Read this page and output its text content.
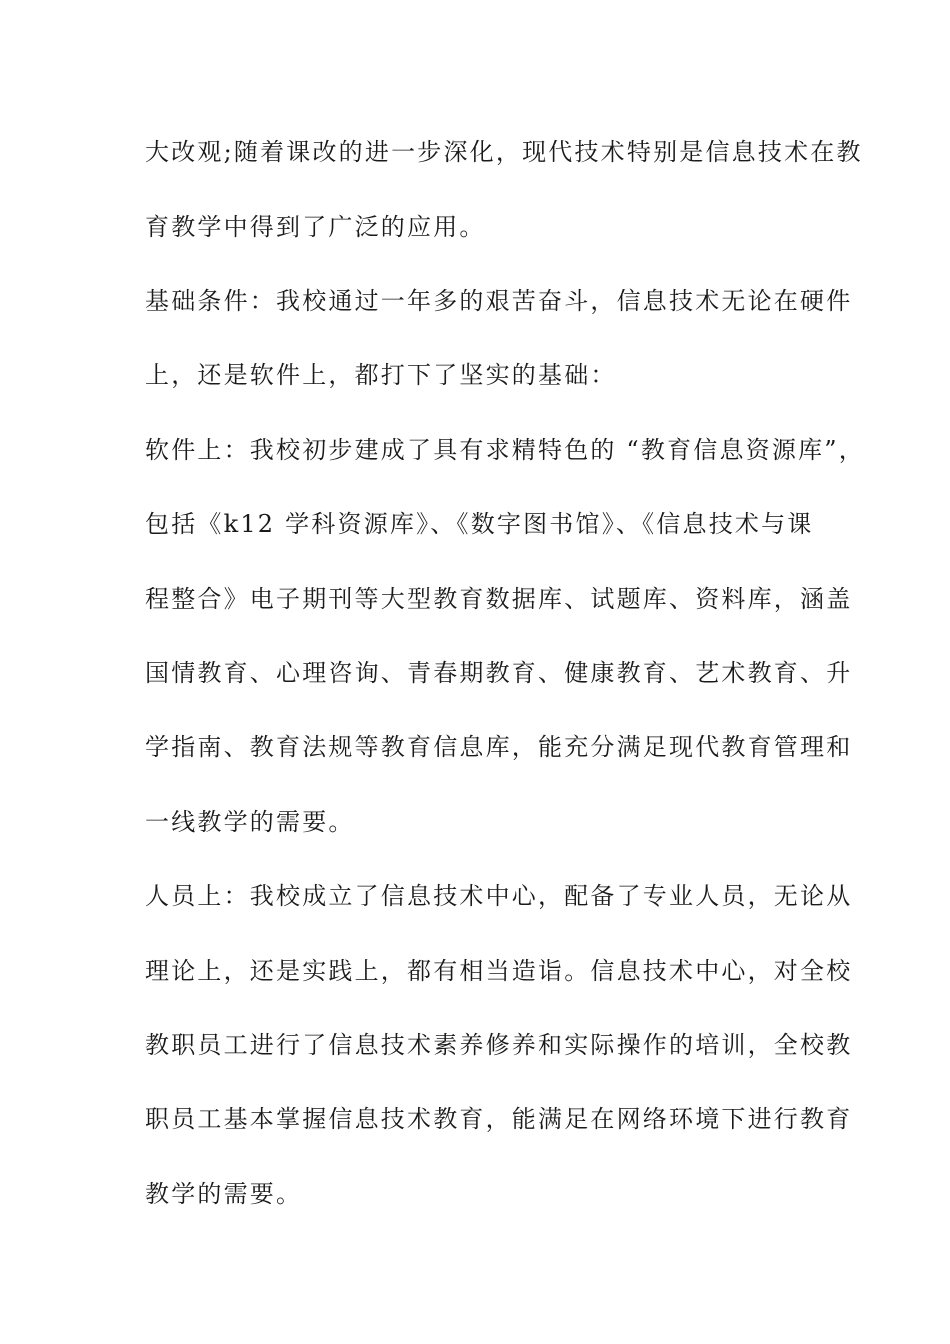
大改观;随着课改的进一步深化，现代技术特别是信息技术在教
育教学中得到了广泛的应用。
基础条件：我校通过一年多的艰苦奋斗，信息技术无论在硬件
上，还是软件上，都打下了坚实的基础：
软件上：我校初步建成了具有求精特色的 “教育信息资源库”，
包括《k12 学科资源库》、《数字图书馆》、《信息技术与课
程整合》电子期刊等大型教育数据库、试题库、资料库，涵盖
国情教育、心理咨询、青春期教育、健康教育、艺术教育、升
学指南、教育法规等教育信息库，能充分满足现代教育管理和
一线教学的需要。
人员上：我校成立了信息技术中心，配备了专业人员，无论从
理论上，还是实践上，都有相当造诣。信息技术中心，对全校
教职员工进行了信息技术素养修养和实际操作的培训，全校教
职员工基本掌握信息技术教育，能满足在网络环境下进行教育
教学的需要。
